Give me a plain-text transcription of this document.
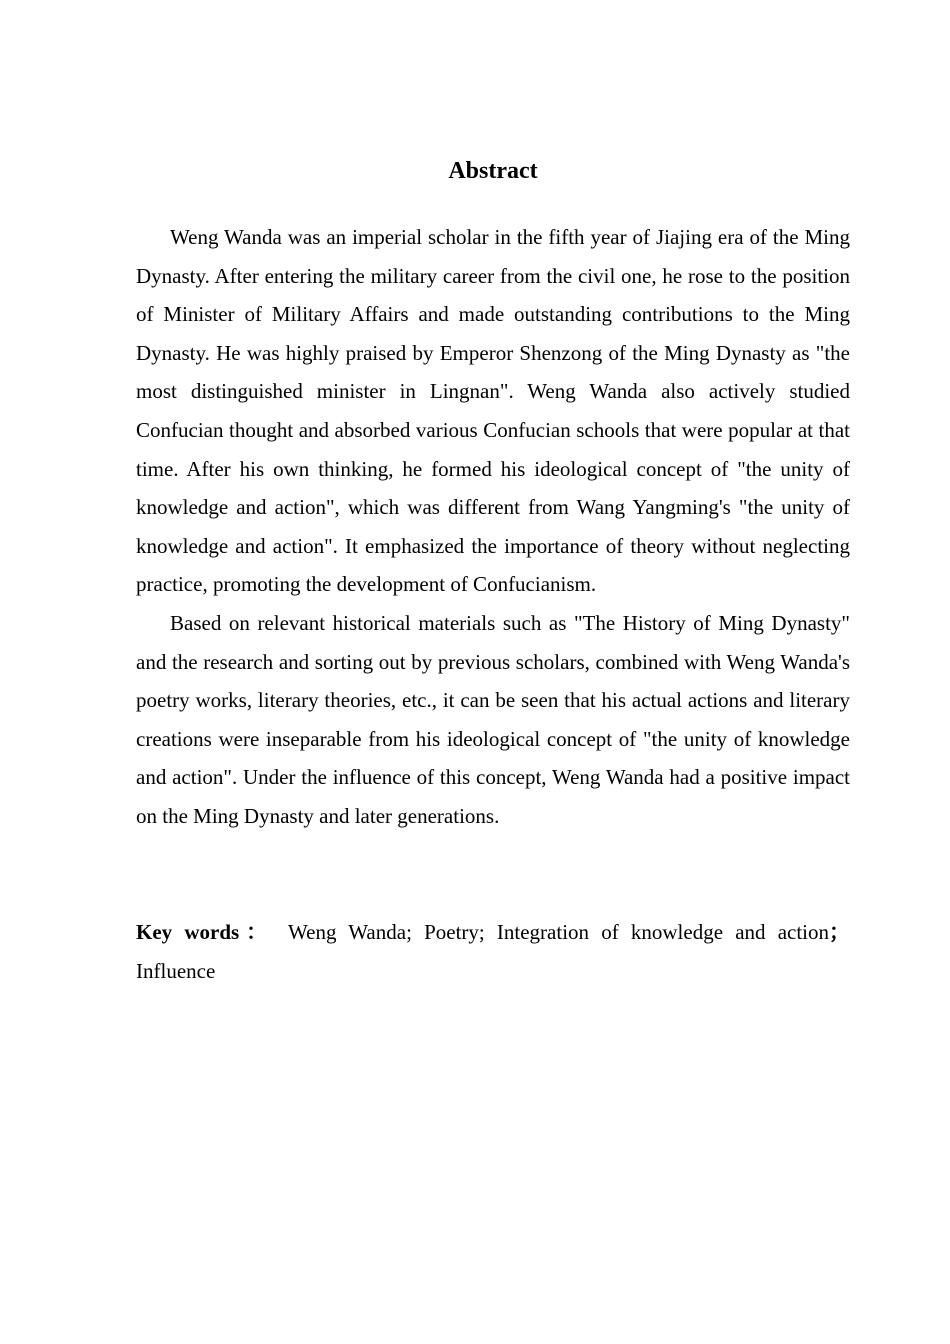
Abstract

Weng Wanda was an imperial scholar in the fifth year of Jiajing era of the Ming Dynasty. After entering the military career from the civil one, he rose to the position of Minister of Military Affairs and made outstanding contributions to the Ming Dynasty. He was highly praised by Emperor Shenzong of the Ming Dynasty as "the most distinguished minister in Lingnan". Weng Wanda also actively studied Confucian thought and absorbed various Confucian schools that were popular at that time. After his own thinking, he formed his ideological concept of "the unity of knowledge and action", which was different from Wang Yangming's "the unity of knowledge and action". It emphasized the importance of theory without neglecting practice, promoting the development of Confucianism.

Based on relevant historical materials such as "The History of Ming Dynasty" and the research and sorting out by previous scholars, combined with Weng Wanda's poetry works, literary theories, etc., it can be seen that his actual actions and literary creations were inseparable from his ideological concept of "the unity of knowledge and action". Under the influence of this concept, Weng Wanda had a positive impact on the Ming Dynasty and later generations.

Key words： Weng Wanda; Poetry; Integration of knowledge and action； Influence
